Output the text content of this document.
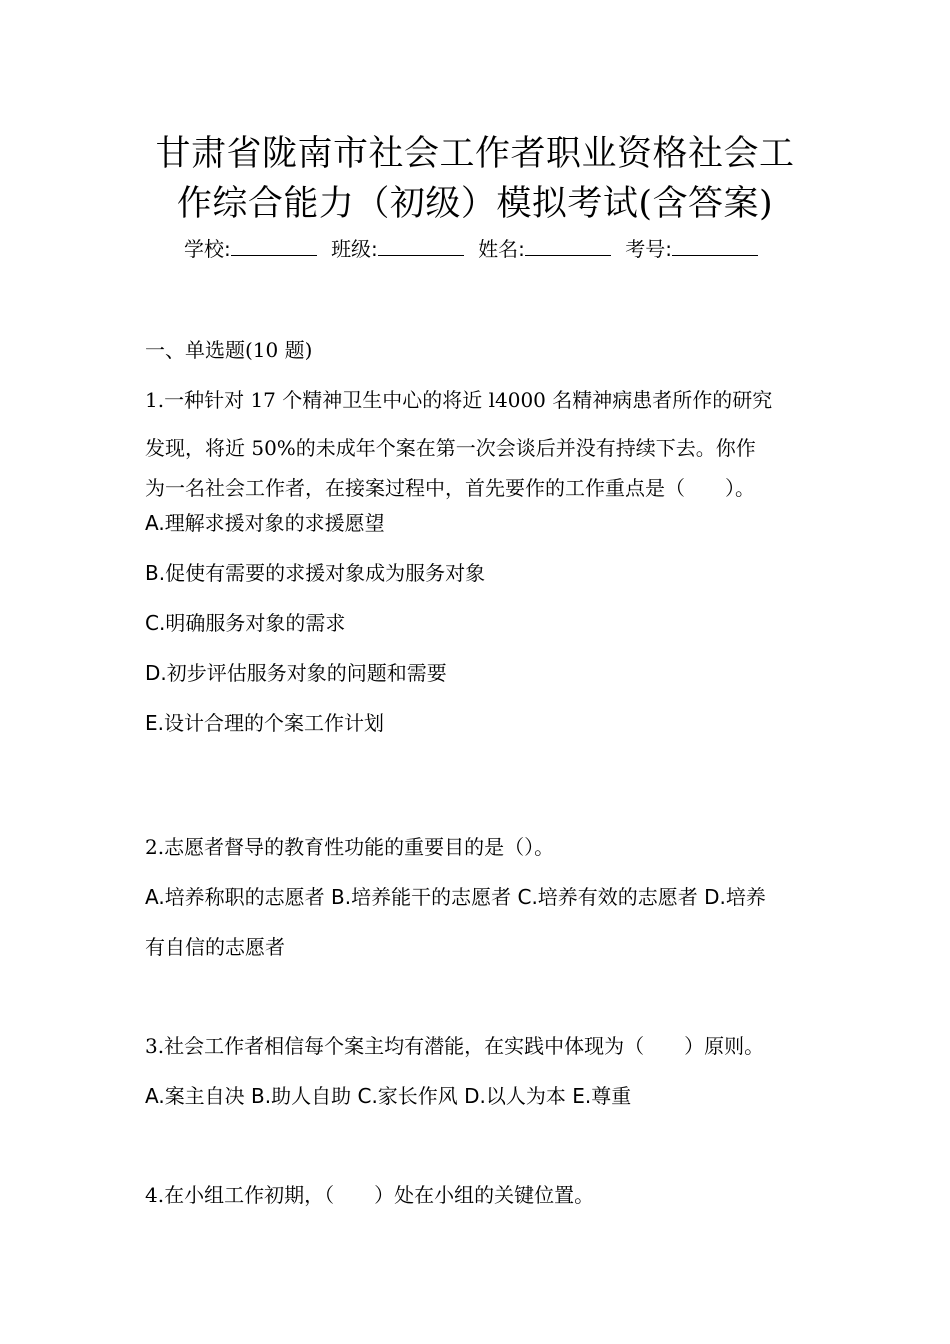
甘肃省陇南市社会工作者职业资格社会工
作综合能力（初级）模拟考试(含答案)
学校:	班级:	姓名:	考号:
一、单选题(10 题)
1.一种针对 17 个精神卫生中心的将近 l4000 名精神病患者所作的研究
发现，将近 50%的未成年个案在第一次会谈后并没有持续下去。你作
为一名社会工作者，在接案过程中，首先要作的工作重点是（　　）。
A.理解求援对象的求援愿望
B.促使有需要的求援对象成为服务对象
C.明确服务对象的需求
D.初步评估服务对象的问题和需要
E.设计合理的个案工作计划
2.志愿者督导的教育性功能的重要目的是（）。
A.培养称职的志愿者 B.培养能干的志愿者 C.培养有效的志愿者 D.培养
有自信的志愿者
3.社会工作者相信每个案主均有潜能，在实践中体现为（　　）原则。
A.案主自决 B.助人自助 C.家长作风 D.以人为本 E.尊重
4.在小组工作初期，（　　）处在小组的关键位置。
